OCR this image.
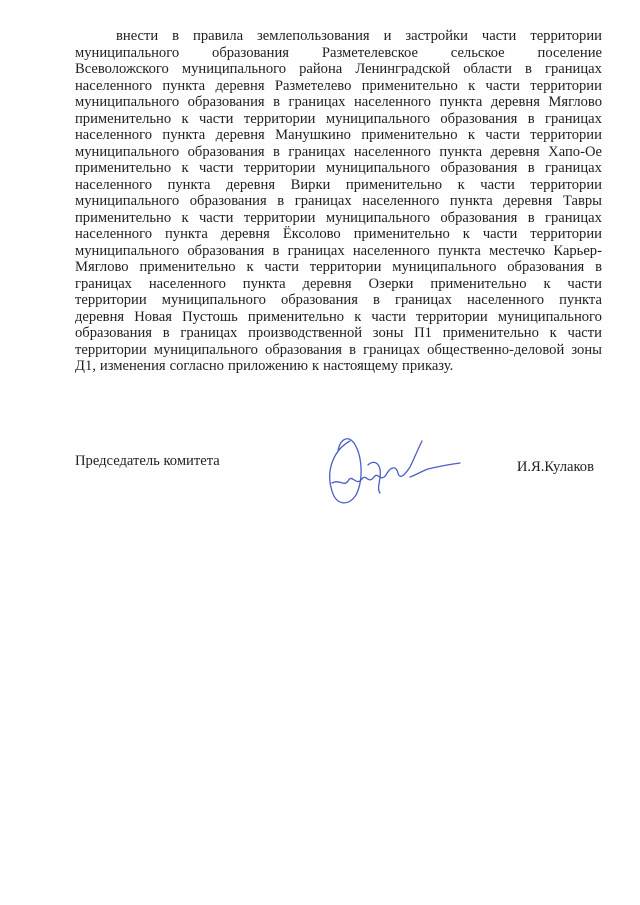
внести в правила землепользования и застройки части территории
муниципального образования Разметелевское сельское поселение
Всеволожского муниципального района Ленинградской области в границах
населенного пункта деревня Разметелево применительно к части территории
муниципального образования в границах населенного пункта деревня Мяглово
применительно к части территории муниципального образования в границах
населенного пункта деревня Манушкино применительно к части территории
муниципального образования в границах населенного пункта деревня Хапо-Ое
применительно к части территории муниципального образования в границах
населенного пункта деревня Вирки применительно к части территории
муниципального образования в границах населенного пункта деревня Тавры
применительно к части территории муниципального образования в границах
населенного пункта деревня Ёксолово применительно к части территории
муниципального образования в границах населенного пункта местечко Карьер-
Мяглово применительно к части территории муниципального образования в
границах населенного пункта деревня Озерки применительно к части
территории муниципального образования в границах населенного пункта
деревня Новая Пустошь применительно к части территории муниципального
образования в границах производственной зоны П1 применительно к части
территории муниципального образования в границах общественно-деловой зоны
Д1, изменения согласно приложению к настоящему приказу.
Председатель комитета	И.Я.Кулаков
